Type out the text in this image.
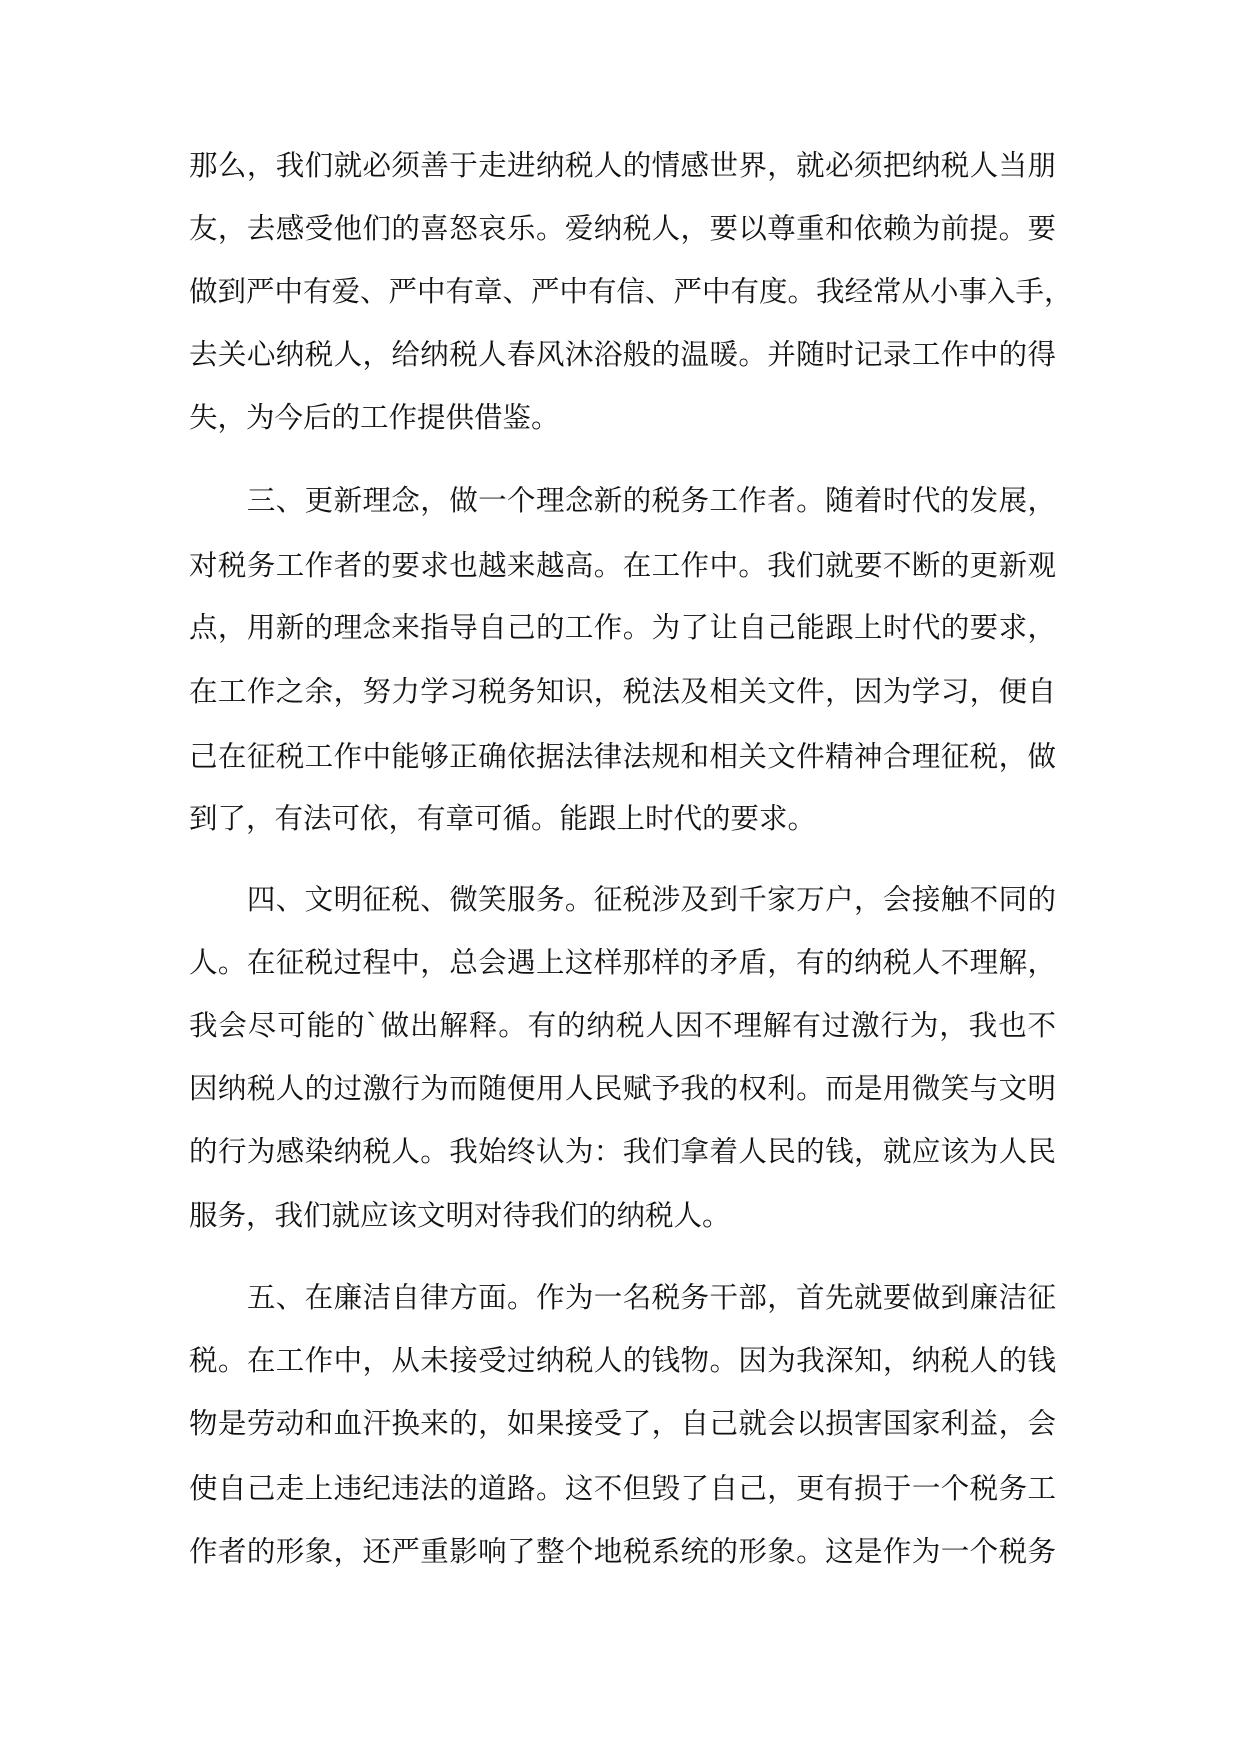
那么，我们就必须善于走进纳税人的情感世界，就必须把纳税人当朋
友，去感受他们的喜怒哀乐。爱纳税人，要以尊重和依赖为前提。要
做到严中有爱、严中有章、严中有信、严中有度。我经常从小事入手，
去关心纳税人，给纳税人春风沐浴般的温暖。并随时记录工作中的得
失，为今后的工作提供借鉴。
　　三、更新理念，做一个理念新的税务工作者。随着时代的发展，
对税务工作者的要求也越来越高。在工作中。我们就要不断的更新观
点，用新的理念来指导自己的工作。为了让自己能跟上时代的要求，
在工作之余，努力学习税务知识，税法及相关文件，因为学习，便自
己在征税工作中能够正确依据法律法规和相关文件精神合理征税，做
到了，有法可依，有章可循。能跟上时代的要求。
　　四、文明征税、微笑服务。征税涉及到千家万户，会接触不同的
人。在征税过程中，总会遇上这样那样的矛盾，有的纳税人不理解，
我会尽可能的`做出解释。有的纳税人因不理解有过激行为，我也不
因纳税人的过激行为而随便用人民赋予我的权利。而是用微笑与文明
的行为感染纳税人。我始终认为：我们拿着人民的钱，就应该为人民
服务，我们就应该文明对待我们的纳税人。
　　五、在廉洁自律方面。作为一名税务干部，首先就要做到廉洁征
税。在工作中，从未接受过纳税人的钱物。因为我深知，纳税人的钱
物是劳动和血汗换来的，如果接受了，自己就会以损害国家利益，会
使自己走上违纪违法的道路。这不但毁了自己，更有损于一个税务工
作者的形象，还严重影响了整个地税系统的形象。这是作为一个税务
